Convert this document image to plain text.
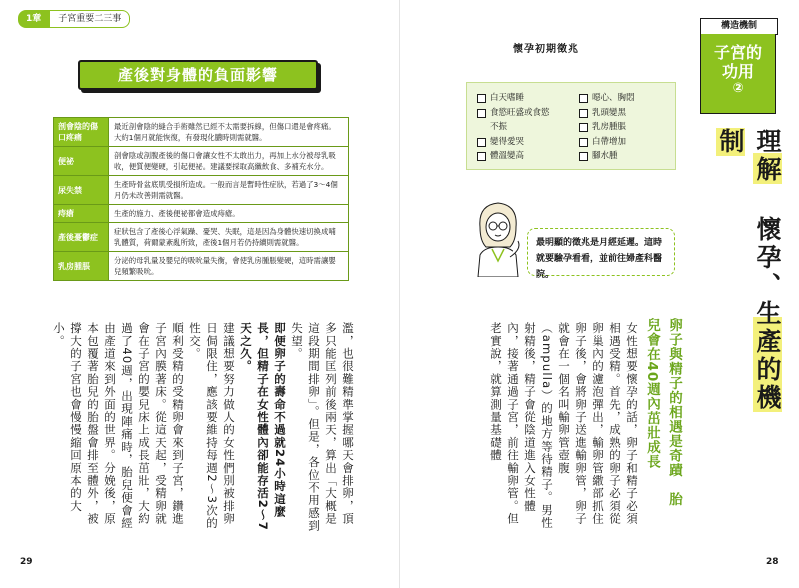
1章	子宮重要二三事
產後對身體的負面影響
剖會陰的傷口疼痛	最近剖會陰的縫合手術雖然已經不太需要拆線，但傷口還是會疼痛。大約1個月就能恢復，有發現化膿時則需就醫。
便祕	剖會陰或剖腹產後的傷口會讓女性不太敢出力，再加上水分被母乳吸收，便質便變硬，引起便祕。建議要採取高纖飲食、多補充水分。
尿失禁	生產時骨盆底肌受損所造成。一般而言是暫時性症狀，若過了3～4個月仍未改善則需就醫。
痔瘡	生產的施力、產後便祕都會造成痔瘡。
產後憂鬱症	症狀包含了產後心浮氣躁、憂哭、失眠，這是因為身體快速切換成哺乳體質，荷爾蒙紊亂所致，產後1個月若仍持續則需就醫。
乳房腫脹	分泌的母乳量及嬰兒的吸吮量失衡，會使乳房腫脹變硬，這時需讓嬰兒頻繁吸吮。

濫，也很難精準掌握哪天會排卵，頂多只能匡列前後兩天，算出「大概是這段期間排卵」。但是，各位不用感到失望。

即便卵子的壽命不過就24小時這麼長，但精子在女性體內卻能存活2～7天之久。

建議想要努力做人的女性們別被排卵日侷限住，應該要維持每週2～3次的性交。

順利受精的受精卵會來到子宮，鑽進子宮內膜著床。從這天起，受精卵就會在子宮的嬰兒床上成長茁壯，大約過了40週，出現陣痛時，胎兒便會經由產道來到外面的世界。分娩後，原本包覆著胎兒的胎盤會排至體外，被撐大的子宮也會慢慢縮回原本的大小。

29
懷孕初期徵兆
白天嗜睡
食慾旺盛或食慾不振
變得愛哭
體溫變高
噁心、胸悶
乳頭變黑
乳房腫脹
白帶增加
腳水腫
最明顯的徵兆是月經延遲。這時就要驗孕看看，並前往婦產科醫院。

女性想要懷孕的話，卵子和精子必須相遇受精。首先，成熟的卵子必須從卵巢內的濾泡彈出，輸卵管繖部抓住卵子後，會將卵子送進輸卵管，卵子就會在一個名叫輸卵管壺腹（ampulla）的地方等待精子。男性射精後，精子會從陰道進入女性體內，接著通過子宮，前往輸卵管。但老實說，就算測量基礎體	卵子與精子的相遇是奇蹟　胎兒會在40週內茁壯成長
構造機制
子宮的
功用
②
理解 懷孕、生產的機制
28
